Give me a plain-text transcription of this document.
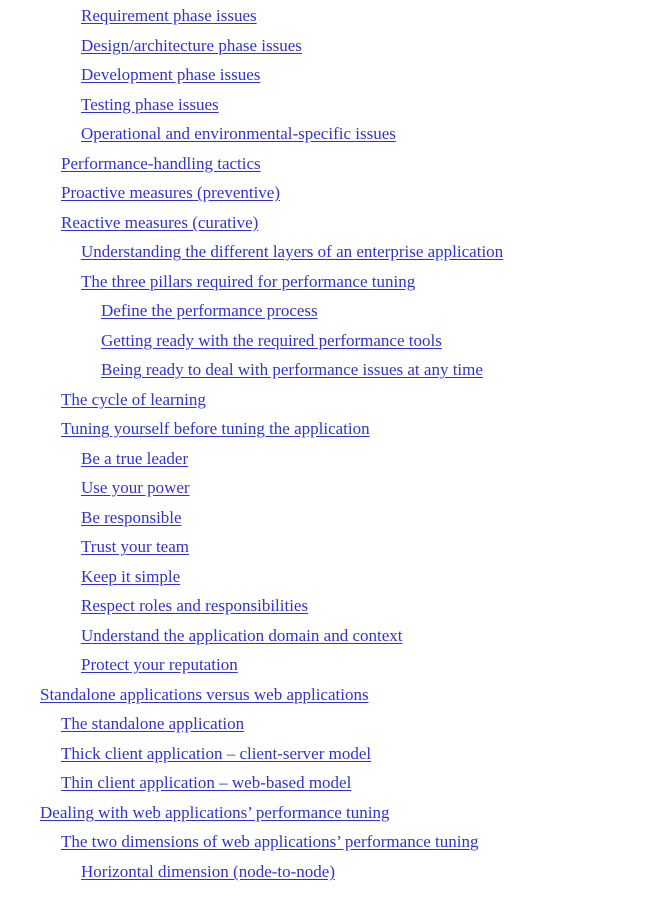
Requirement phase issues
Design/architecture phase issues
Development phase issues
Testing phase issues
Operational and environmental-specific issues
Performance-handling tactics
Proactive measures (preventive)
Reactive measures (curative)
Understanding the different layers of an enterprise application
The three pillars required for performance tuning
Define the performance process
Getting ready with the required performance tools
Being ready to deal with performance issues at any time
The cycle of learning
Tuning yourself before tuning the application
Be a true leader
Use your power
Be responsible
Trust your team
Keep it simple
Respect roles and responsibilities
Understand the application domain and context
Protect your reputation
Standalone applications versus web applications
The standalone application
Thick client application – client-server model
Thin client application – web-based model
Dealing with web applications’ performance tuning
The two dimensions of web applications’ performance tuning
Horizontal dimension (node-to-node)
